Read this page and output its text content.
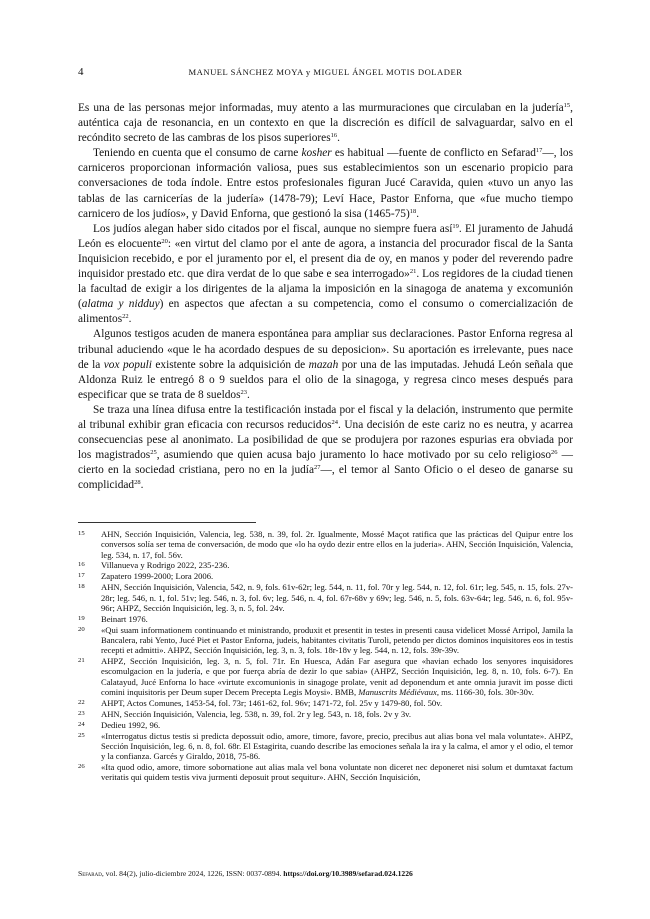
4	MANUEL SÁNCHEZ MOYA y MIGUEL ÁNGEL MOTIS DOLADER

Es una de las personas mejor informadas, muy atento a las murmuraciones que circulaban en la judería$^{15}$, auténtica caja de resonancia, en un contexto en que la discreción es difícil de salvaguardar, salvo en el recóndito secreto de las cambras de los pisos superiores$^{16}$.

Teniendo en cuenta que el consumo de carne kosher es habitual —fuente de conflicto en Sefarad$^{17}$—, los carniceros proporcionan información valiosa, pues sus establecimientos son un escenario propicio para conversaciones de toda índole. Entre estos profesionales figuran Jucé Caravida, quien «tuvo un anyo las tablas de las carnicerías de la judería» (1478-79); Leví Hace, Pastor Enforna, que «fue mucho tiempo carnicero de los judíos», y David Enforna, que gestionó la sisa (1465-75)$^{18}$.

Los judíos alegan haber sido citados por el fiscal, aunque no siempre fuera así$^{19}$. El juramento de Jahudá León es elocuente$^{20}$: «en virtut del clamo por el ante de agora, a instancia del procurador fiscal de la Santa Inquisicion recebido, e por el juramento por el, el present dia de oy, en manos y poder del reverendo padre inquisidor prestado etc. que dira verdat de lo que sabe e sea interrogado»$^{21}$. Los regidores de la ciudad tienen la facultad de exigir a los dirigentes de la aljama la imposición en la sinagoga de anatema y excomunión (alatma y nidduy) en aspectos que afectan a su competencia, como el consumo o comercialización de alimentos$^{22}$.

Algunos testigos acuden de manera espontánea para ampliar sus declaraciones. Pastor Enforna regresa al tribunal aduciendo «que le ha acordado despues de su deposicion». Su aportación es irrelevante, pues nace de la vox populi existente sobre la adquisición de mazah por una de las imputadas. Jehudá León señala que Aldonza Ruiz le entregó 8 o 9 sueldos para el olio de la sinagoga, y regresa cinco meses después para especificar que se trata de 8 sueldos$^{23}$.

Se traza una línea difusa entre la testificación instada por el fiscal y la delación, instrumento que permite al tribunal exhibir gran eficacia con recursos reducidos$^{24}$. Una decisión de este cariz no es neutra, y acarrea consecuencias pese al anonimato. La posibilidad de que se produjera por razones espurias era obviada por los magistrados$^{25}$, asumiendo que quien acusa bajo juramento lo hace motivado por su celo religioso$^{26}$ —cierto en la sociedad cristiana, pero no en la judía$^{27}$—, el temor al Santo Oficio o el deseo de ganarse su complicidad$^{28}$.

15 AHN, Sección Inquisición, Valencia, leg. 538, n. 39, fol. 2r. Igualmente, Mossé Maçot ratifica que las prácticas del Quipur entre los conversos solía ser tema de conversación, de modo que «lo ha oydo dezir entre ellos en la juderia». AHN, Sección Inquisición, Valencia, leg. 534, n. 17, fol. 56v.
16 Villanueva y Rodrigo 2022, 235-236.
17 Zapatero 1999-2000; Lora 2006.
18 AHN, Sección Inquisición, Valencia, 542, n. 9, fols. 61v-62r; leg. 544, n. 11, fol. 70r y leg. 544, n. 12, fol. 61r; leg. 545, n. 15, fols. 27v-28r; leg. 546, n. 1, fol. 51v; leg. 546, n. 3, fol. 6v; leg. 546, n. 4, fol. 67r-68v y 69v; leg. 546, n. 5, fols. 63v-64r; leg. 546, n. 6, fol. 95v-96r; AHPZ, Sección Inquisición, leg. 3, n. 5, fol. 24v.
19 Beinart 1976.
20 «Qui suam informationem continuando et ministrando, produxit et presentit in testes in presenti causa videlicet Mossé Arripol, Jamila la Bancalera, rabi Yento, Jucé Piet et Pastor Enforna, judeis, habitantes civitatis Turoli, petendo per dictos dominos inquisitores eos in testis recepti et admitti». AHPZ, Sección Inquisición, leg. 3, n. 3, fols. 18r-18v y leg. 544, n. 12, fols. 39r-39v.
21 AHPZ, Sección Inquisición, leg. 3, n. 5, fol. 71r. En Huesca, Adán Far asegura que «havian echado los senyores inquisidores escomulgacion en la judería, e que por fuerça abría de dezir lo que sabia» (AHPZ, Sección Inquisición, leg. 8, n. 10, fols. 6-7). En Calatayud, Jucé Enforna lo hace «virtute excomunionis in sinagoge prolate, venit ad deponendum et ante omnia juravit im posse dicti comini inquisitoris per Deum super Decem Precepta Legis Moysi». BMB, Manuscrits Médiévaux, ms. 1166-30, fols. 30r-30v.
22 AHPT, Actos Comunes, 1453-54, fol. 73r; 1461-62, fol. 96v; 1471-72, fol. 25v y 1479-80, fol. 50v.
23 AHN, Sección Inquisición, Valencia, leg. 538, n. 39, fol. 2r y leg. 543, n. 18, fols. 2v y 3v.
24 Dedieu 1992, 96.
25 «Interrogatus dictus testis si predicta depossuit odio, amore, timore, favore, precio, precibus aut alias bona vel mala voluntate». AHPZ, Sección Inquisición, leg. 6, n. 8, fol. 68r. El Estagirita, cuando describe las emociones señala la ira y la calma, el amor y el odio, el temor y la confianza. Garcés y Giraldo, 2018, 75-86.
26 «Ita quod odio, amore, timore sobornatione aut alias mala vel bona voluntate non diceret nec deponeret nisi solum et dumtaxat factum veritatis qui quidem testis viva jurmenti deposuit prout sequitur». AHN, Sección Inquisición,
Sefarad, vol. 84(2), julio-diciembre 2024, 1226, ISSN: 0037-0894. https://doi.org/10.3989/sefarad.024.1226
